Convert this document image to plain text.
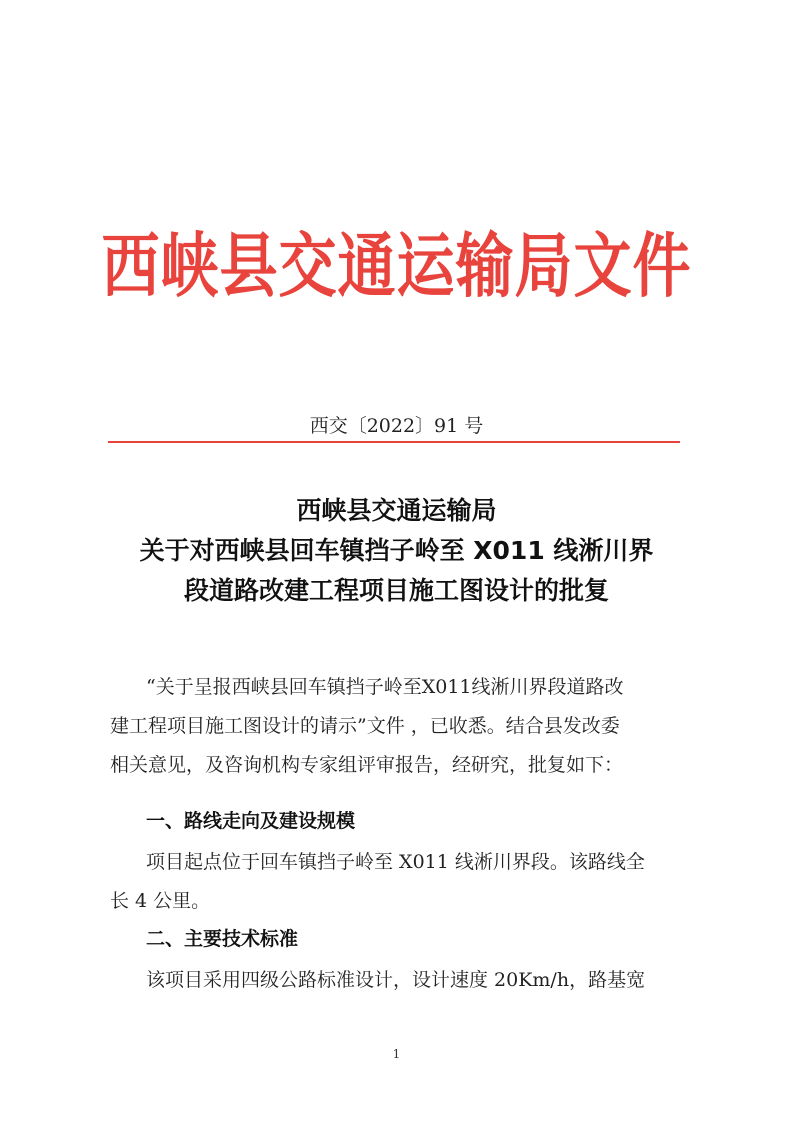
西峡县交通运输局文件
西交〔2022〕91 号
西峡县交通运输局
关于对西峡县回车镇挡子岭至 X011 线淅川界
段道路改建工程项目施工图设计的批复
“关于呈报西峡县回车镇挡子岭至X011线淅川界段道路改
建工程项目施工图设计的请示”文件 ，已收悉。结合县发改委
相关意见，及咨询机构专家组评审报告，经研究，批复如下：
一、路线走向及建设规模
项目起点位于回车镇挡子岭至 X011 线淅川界段。该路线全
长 4 公里。
二、主要技术标准
该项目采用四级公路标准设计，设计速度 20Km/h，路基宽
1
